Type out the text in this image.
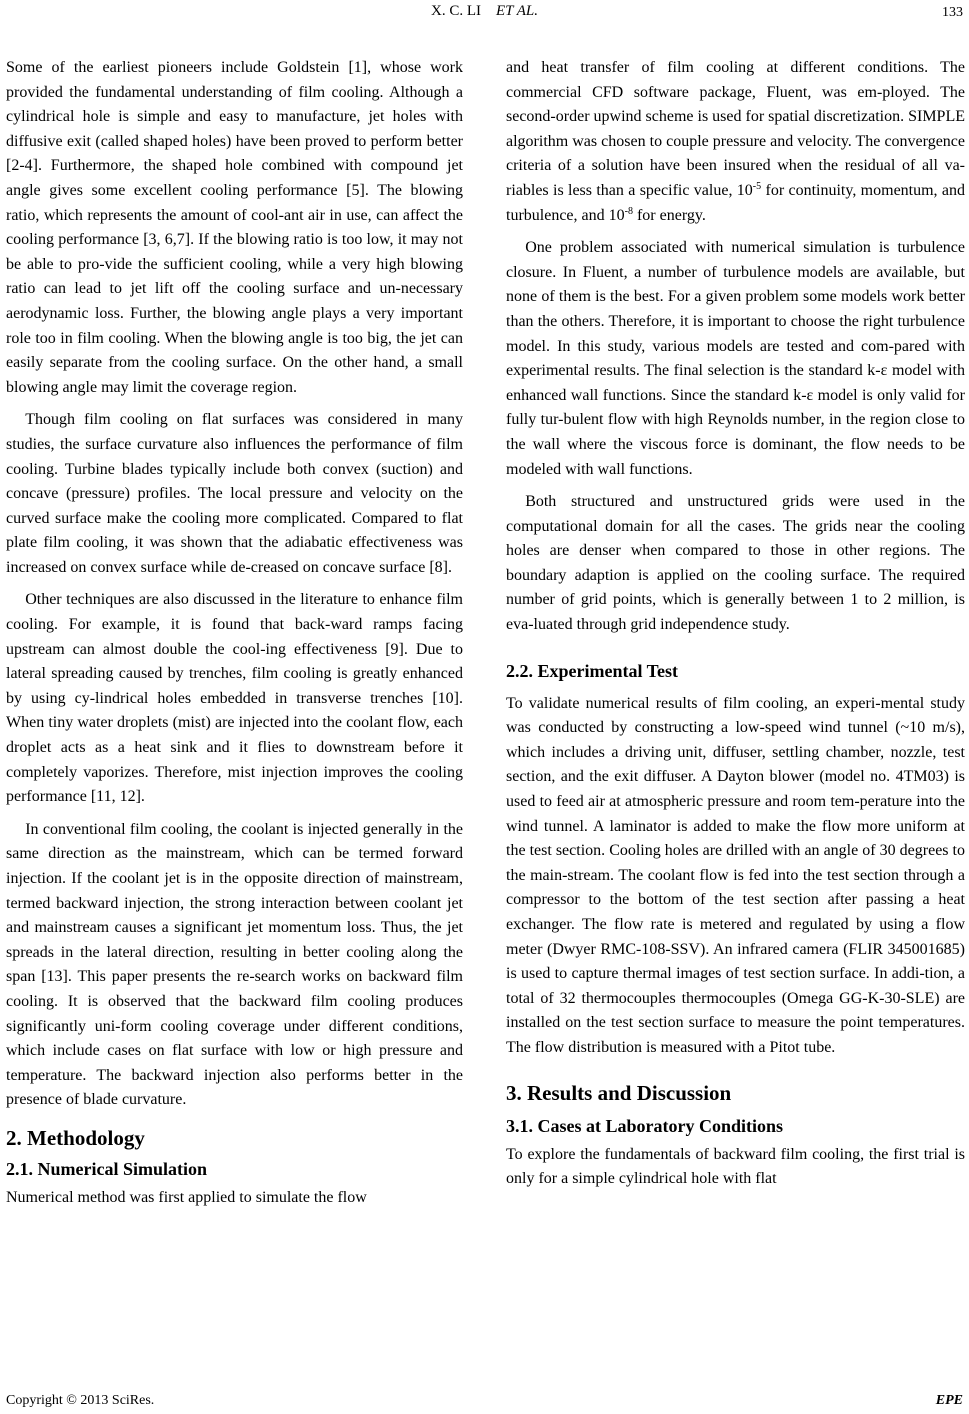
X. C. LI ET AL.	133

Some of the earliest pioneers include Goldstein [1], whose work provided the fundamental understanding of film cooling. Although a cylindrical hole is simple and easy to manufacture, jet holes with diffusive exit (called shaped holes) have been proved to perform better [2-4]. Furthermore, the shaped hole combined with compound jet angle gives some excellent cooling performance [5]. The blowing ratio, which represents the amount of cool-ant air in use, can affect the cooling performance [3, 6,7]. If the blowing ratio is too low, it may not be able to pro-vide the sufficient cooling, while a very high blowing ratio can lead to jet lift off the cooling surface and un-necessary aerodynamic loss. Further, the blowing angle plays a very important role too in film cooling. When the blowing angle is too big, the jet can easily separate from the cooling surface. On the other hand, a small blowing angle may limit the coverage region.

Though film cooling on flat surfaces was considered in many studies, the surface curvature also influences the performance of film cooling. Turbine blades typically include both convex (suction) and concave (pressure) profiles. The local pressure and velocity on the curved surface make the cooling more complicated. Compared to flat plate film cooling, it was shown that the adiabatic effectiveness was increased on convex surface while de-creased on concave surface [8].

Other techniques are also discussed in the literature to enhance film cooling. For example, it is found that back-ward ramps facing upstream can almost double the cool-ing effectiveness [9]. Due to lateral spreading caused by trenches, film cooling is greatly enhanced by using cy-lindrical holes embedded in transverse trenches [10]. When tiny water droplets (mist) are injected into the coolant flow, each droplet acts as a heat sink and it flies to downstream before it completely vaporizes. Therefore, mist injection improves the cooling performance [11, 12].

In conventional film cooling, the coolant is injected generally in the same direction as the mainstream, which can be termed forward injection. If the coolant jet is in the opposite direction of mainstream, termed backward injection, the strong interaction between coolant jet and mainstream causes a significant jet momentum loss. Thus, the jet spreads in the lateral direction, resulting in better cooling along the span [13]. This paper presents the re-search works on backward film cooling. It is observed that the backward film cooling produces significantly uni-form cooling coverage under different conditions, which include cases on flat surface with low or high pressure and temperature. The backward injection also performs better in the presence of blade curvature.

2. Methodology
2.1. Numerical Simulation

Numerical method was first applied to simulate the flow

and heat transfer of film cooling at different conditions. The commercial CFD software package, Fluent, was em-ployed. The second-order upwind scheme is used for spatial discretization. SIMPLE algorithm was chosen to couple pressure and velocity. The convergence criteria of a solution have been insured when the residual of all va-riables is less than a specific value, $10^{-5}$ for continuity, momentum, and turbulence, and $10^{-8}$ for energy.

One problem associated with numerical simulation is turbulence closure. In Fluent, a number of turbulence models are available, but none of them is the best. For a given problem some models work better than the others. Therefore, it is important to choose the right turbulence model. In this study, various models are tested and com-pared with experimental results. The final selection is the standard k-ε model with enhanced wall functions. Since the standard k-ε model is only valid for fully tur-bulent flow with high Reynolds number, in the region close to the wall where the viscous force is dominant, the flow needs to be modeled with wall functions.

Both structured and unstructured grids were used in the computational domain for all the cases. The grids near the cooling holes are denser when compared to those in other regions. The boundary adaption is applied on the cooling surface. The required number of grid points, which is generally between 1 to 2 million, is eva-luated through grid independence study.

2.2. Experimental Test

To validate numerical results of film cooling, an experi-mental study was conducted by constructing a low-speed wind tunnel (~10 m/s), which includes a driving unit, diffuser, settling chamber, nozzle, test section, and the exit diffuser. A Dayton blower (model no. 4TM03) is used to feed air at atmospheric pressure and room tem-perature into the wind tunnel. A laminator is added to make the flow more uniform at the test section. Cooling holes are drilled with an angle of 30 degrees to the main-stream. The coolant flow is fed into the test section through a compressor to the bottom of the test section after passing a heat exchanger. The flow rate is metered and regulated by using a flow meter (Dwyer RMC-108-SSV). An infrared camera (FLIR 345001685) is used to capture thermal images of test section surface. In addi-tion, a total of 32 thermocouples thermocouples (Omega GG-K-30-SLE) are installed on the test section surface to measure the point temperatures. The flow distribution is measured with a Pitot tube.

3. Results and Discussion
3.1. Cases at Laboratory Conditions

To explore the fundamentals of backward film cooling, the first trial is only for a simple cylindrical hole with flat

Copyright © 2013 SciRes.	EPE
